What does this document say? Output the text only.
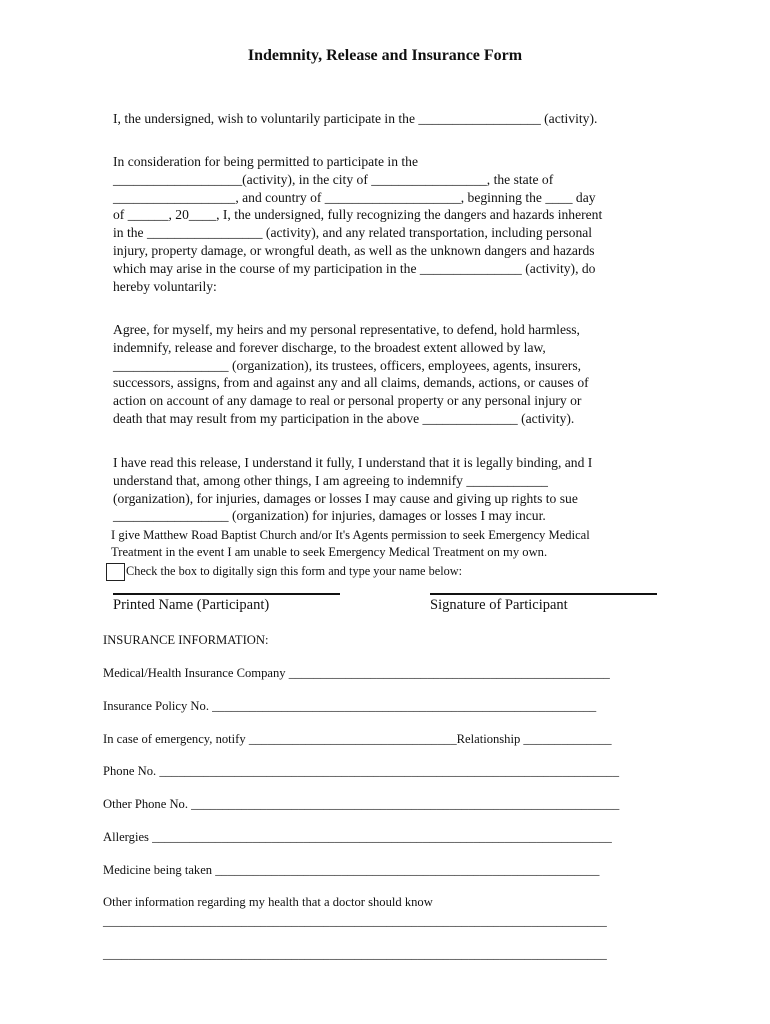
Indemnity, Release and Insurance Form
I, the undersigned, wish to voluntarily participate in the __________________ (activity).
In consideration for being permitted to participate in the
___________________(activity), in the city of _________________, the state of
__________________, and country of ____________________, beginning the ____ day
of ______, 20____, I, the undersigned, fully recognizing the dangers and hazards inherent
in the _________________ (activity), and any related transportation, including personal
injury, property damage, or wrongful death, as well as the unknown dangers and hazards
which may arise in the course of my participation in the _______________ (activity), do
hereby voluntarily:
Agree, for myself, my heirs and my personal representative, to defend, hold harmless,
indemnify, release and forever discharge, to the broadest extent allowed by law,
_________________ (organization), its trustees, officers, employees, agents, insurers,
successors, assigns, from and against any and all claims, demands, actions, or causes of
action on account of any damage to real or personal property or any personal injury or
death that may result from my participation in the above ______________ (activity).
I have read this release, I understand it fully, I understand that it is legally binding, and I
understand that, among other things, I am agreeing to indemnify ____________
(organization), for injuries, damages or losses I may cause and giving up rights to sue
_________________ (organization) for injuries, damages or losses I may incur.
I give Matthew Road Baptist Church and/or It's Agents permission to seek Emergency Medical
Treatment in the event I am unable to seek Emergency Medical Treatment on my own.
Check the box to digitally sign this form and type your name below:
Printed Name (Participant)	Signature of Participant
INSURANCE INFORMATION:
Medical/Health Insurance Company ___________________________________________________
Insurance Policy No. _____________________________________________________________
In case of emergency, notify _________________________________Relationship ______________
Phone No. _________________________________________________________________________
Other Phone No. ____________________________________________________________________
Allergies _________________________________________________________________________
Medicine being taken _____________________________________________________________
Other information regarding my health that a doctor should know
________________________________________________________________________________
________________________________________________________________________________
